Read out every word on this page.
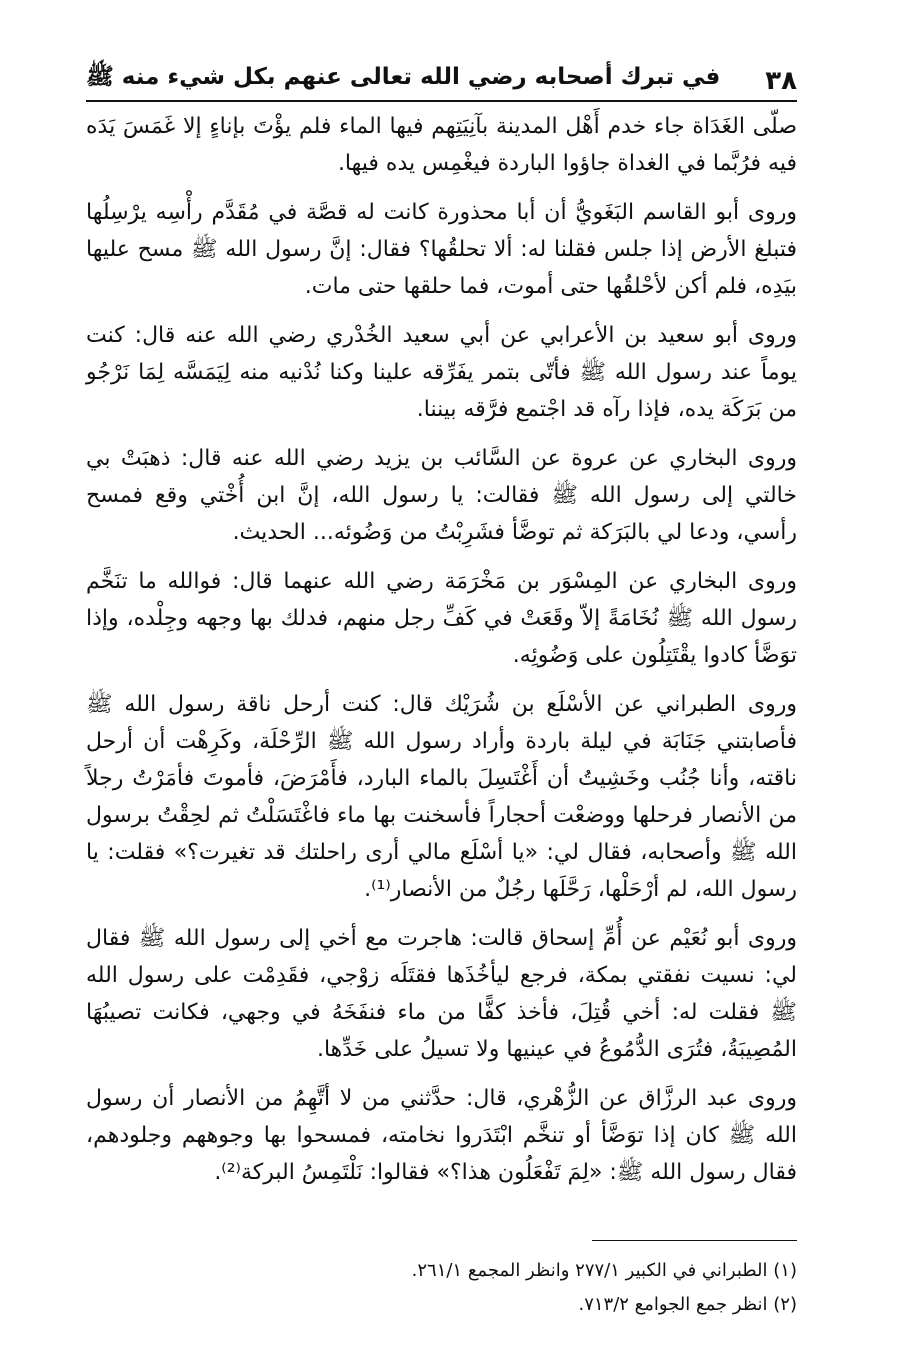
٣٨
في تبرك أصحابه رضي الله تعالى عنهم بكل شيء منه ﷺ

صلّى الغَدَاة جاء خدم أَهْل المدينة بآنِيَتِهم فيها الماء فلم يؤْتَ بإناءٍ إلا غَمَسَ يَدَه فيه فرُبَّما في الغداة جاؤوا الباردة فيغْمِس يده فيها.

وروى أبو القاسم البَغَويُّ أن أبا محذورة كانت له قصَّة في مُقَدَّم رأْسِه يرْسِلُها فتبلغ الأرض إذا جلس فقلنا له: ألا تحلقُها؟ فقال: إنَّ رسول الله ﷺ مسح عليها بيَدِه، فلم أكن لأحْلقُها حتى أموت، فما حلقها حتى مات.

وروى أبو سعيد بن الأعرابي عن أبي سعيد الخُدْري رضي الله عنه قال: كنت يوماً عند رسول الله ﷺ فأتّى بتمر يفَرِّقه علينا وكنا نُدْنيه منه لِيَمَسَّه لِمَا نَرْجُو من بَرَكَة يده، فإذا رآه قد اجْتمع فرَّقه بيننا.

وروى البخاري عن عروة عن السَّائب بن يزيد رضي الله عنه قال: ذهبَتْ بي خالتي إلى رسول الله ﷺ فقالت: يا رسول الله، إنَّ ابن أُخْتي وقع فمسح رأسي، ودعا لي بالبَرَكة ثم توضَّأ فشَرِبْتُ من وَضُوئه... الحديث.

وروى البخاري عن المِسْوَر بن مَخْرَمَة رضي الله عنهما قال: فوالله ما تنَخَّم رسول الله ﷺ نُخَامَةً إلاّ وقَعَتْ في كَفِّ رجل منهم، فدلك بها وجهه وجِلْده، وإذا توَضَّأ كادوا يقْتَتِلُون على وَضُوئِه.

وروى الطبراني عن الأسْلَع بن شُرَيْك قال: كنت أرحل ناقة رسول الله ﷺ فأصابتني جَنَابَة في ليلة باردة وأراد رسول الله ﷺ الرِّحْلَة، وكَرِهْت أن أرحل ناقته، وأنا جُنُب وخَشِيتُ أن أَغْتَسِلَ بالماء البارد، فأَمْرَضَ، فأموتَ فأمَرْتُ رجلاً من الأنصار فرحلها ووضعْت أحجاراً فأسخنت بها ماء فاغْتَسَلْتُ ثم لحِقْتُ برسول الله ﷺ وأصحابه، فقال لي: «يا أسْلَع مالي أرى راحلتك قد تغيرت؟» فقلت: يا رسول الله، لم أرْحَلْها، رَحَّلَها رجُلٌ من الأنصار⁽¹⁾.

وروى أبو نُعَيْم عن أُمِّ إسحاق قالت: هاجرت مع أخي إلى رسول الله ﷺ فقال لي: نسيت نفقتي بمكة، فرجع ليأخُذَها فقتَلَه زوْجي، فقَدِمْت على رسول الله ﷺ فقلت له: أخي قُتِلَ، فأخذ كفًّا من ماء فنفَخَهُ في وجهي، فكانت تصيبُهَا المُصِيبَةُ، فتُرَى الدُّمُوعُ في عينيها ولا تسيلُ على خَدِّها.

وروى عبد الرزَّاق عن الزُّهْري، قال: حدَّثني من لا أتَّهِمُ من الأنصار أن رسول الله ﷺ كان إذا توَضَّأ أو تنخَّم ابْتَدَروا نخامته، فمسحوا بها وجوههم وجلودهم، فقال رسول الله ﷺ: «لِمَ تَفْعَلُون هذا؟» فقالوا: نَلْتَمِسُ البركة⁽²⁾.

(١) الطبراني في الكبير ٢٧٧/١ وانظر المجمع ٢٦١/١.
(٢) انظر جمع الجوامع ٧١٣/٢.
